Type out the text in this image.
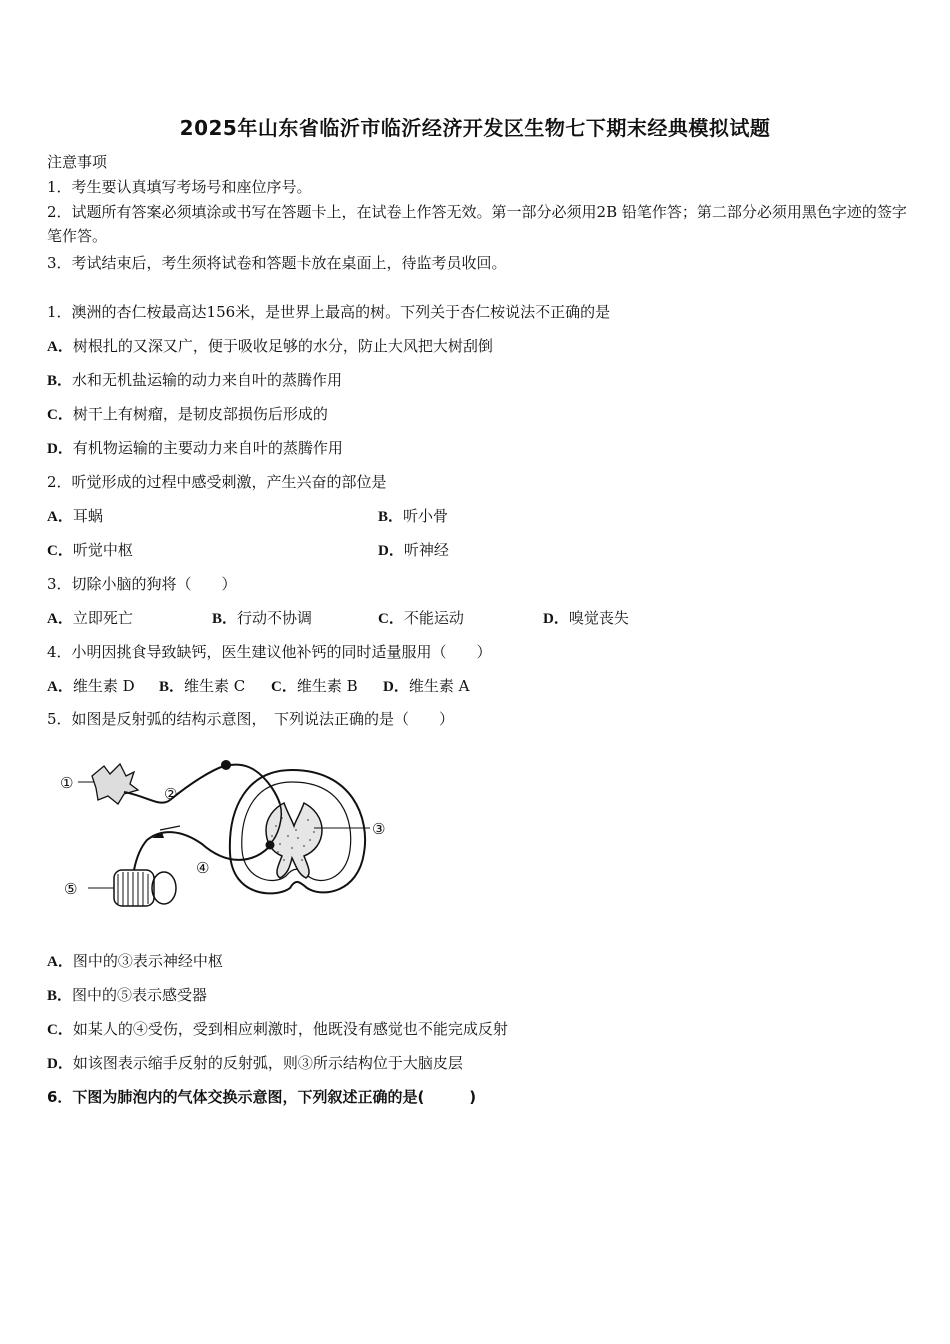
2025年山东省临沂市临沂经济开发区生物七下期末经典模拟试题
注意事项
1．考生要认真填写考场号和座位序号。
2．试题所有答案必须填涂或书写在答题卡上，在试卷上作答无效。第一部分必须用2B 铅笔作答；第二部分必须用黑色字迹的签字笔作答。
3．考试结束后，考生须将试卷和答题卡放在桌面上，待监考员收回。
1．澳洲的杏仁桉最高达156米，是世界上最高的树。下列关于杏仁桉说法不正确的是
A．树根扎的又深又广，便于吸收足够的水分，防止大风把大树刮倒
B．水和无机盐运输的动力来自叶的蒸腾作用
C．树干上有树瘤，是韧皮部损伤后形成的
D．有机物运输的主要动力来自叶的蒸腾作用
2．听觉形成的过程中感受刺激，产生兴奋的部位是
A．耳蜗	B．听小骨
C．听觉中枢	D．听神经
3．切除小脑的狗将（　　）
A．立即死亡	B．行动不协调	C．不能运动	D．嗅觉丧失
4．小明因挑食导致缺钙，医生建议他补钙的同时适量服用（　　）
A．维生素 D B．维生素 C C．维生素 B D．维生素 A
5．如图是反射弧的结构示意图，　下列说法正确的是（　　）
①
②
③
④
⑤
A．图中的③表示神经中枢
B．图中的⑤表示感受器
C．如某人的④受伤，受到相应刺激时，他既没有感觉也不能完成反射
D．如该图表示缩手反射的反射弧，则③所示结构位于大脑皮层
6．下图为肺泡内的气体交换示意图，下列叙述正确的是(　　　)
